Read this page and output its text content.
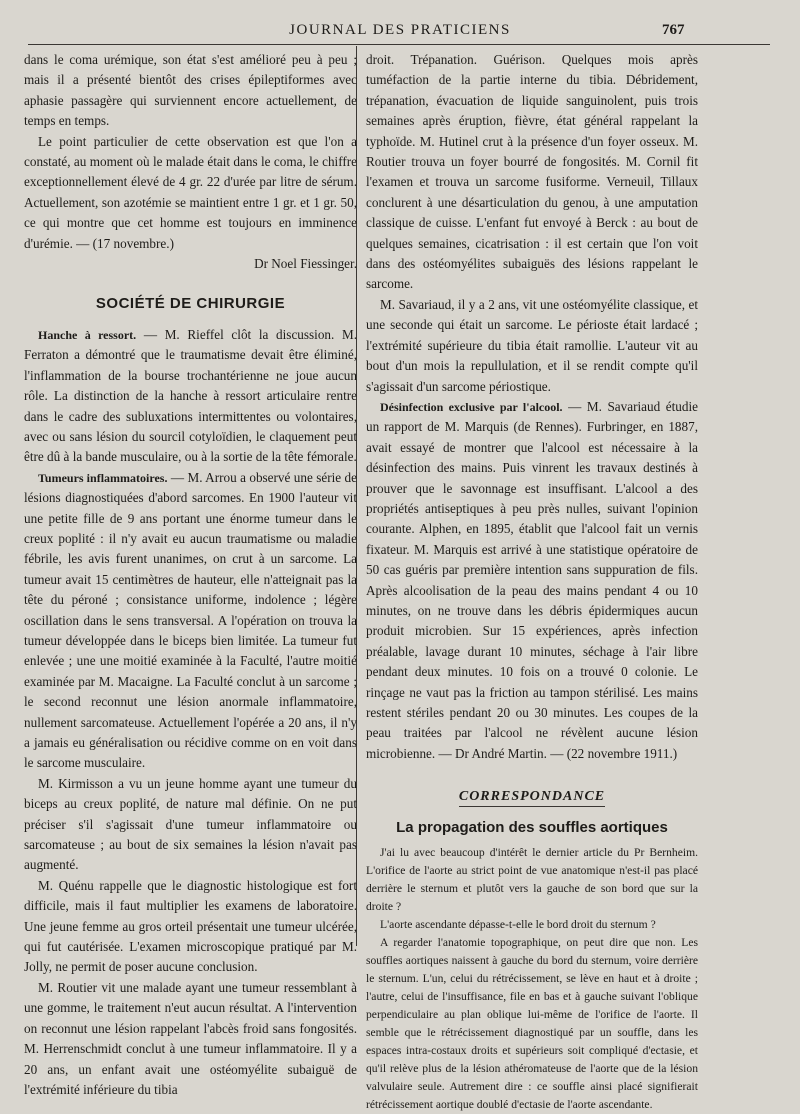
JOURNAL DES PRATICIENS	767

dans le coma urémique, son état s'est amélioré peu à peu ; mais il a présenté bientôt des crises épileptiformes avec aphasie passagère qui surviennent encore actuellement, de temps en temps.

Le point particulier de cette observation est que l'on a constaté, au moment où le malade était dans le coma, le chiffre exceptionnellement élevé de 4 gr. 22 d'urée par litre de sérum. Actuellement, son azotémie se maintient entre 1 gr. et 1 gr. 50, ce qui montre que cet homme est toujours en imminence d'urémie. — (17 novembre.)

Dr Noel Fiessinger.

SOCIÉTÉ DE CHIRURGIE

Hanche à ressort. — M. Rieffel clôt la discussion. M. Ferraton a démontré que le traumatisme devait être éliminé, l'inflammation de la bourse trochantérienne ne joue aucun rôle. La distinction de la hanche à ressort articulaire rentre dans le cadre des subluxations intermittentes ou volontaires, avec ou sans lésion du sourcil cotyloïdien, le claquement peut être dû à la bande musculaire, ou à la sortie de la tête fémorale.

Tumeurs inflammatoires. — M. Arrou a observé une série de lésions diagnostiquées d'abord sarcomes. En 1900 l'auteur vit une petite fille de 9 ans portant une énorme tumeur dans le creux poplité : il n'y avait eu aucun traumatisme ou maladie fébrile, les avis furent unanimes, on crut à un sarcome. La tumeur avait 15 centimètres de hauteur, elle n'atteignait pas la tête du péroné ; consistance uniforme, indolence ; légère oscillation dans le sens transversal. A l'opération on trouva la tumeur développée dans le biceps bien limitée. La tumeur fut enlevée ; une une moitié examinée à la Faculté, l'autre moitié examinée par M. Macaigne. La Faculté conclut à un sarcome ; le second reconnut une lésion anormale inflammatoire, nullement sarcomateuse. Actuellement l'opérée a 20 ans, il n'y a jamais eu généralisation ou récidive comme on en voit dans le sarcome musculaire.

M. Kirmisson a vu un jeune homme ayant une tumeur du biceps au creux poplité, de nature mal définie. On ne put préciser s'il s'agissait d'une tumeur inflammatoire ou sarcomateuse ; au bout de six semaines la lésion n'avait pas augmenté.

M. Quénu rappelle que le diagnostic histologique est fort difficile, mais il faut multiplier les examens de laboratoire. Une jeune femme au gros orteil présentait une tumeur ulcérée, qui fut cautérisée. L'examen microscopique pratiqué par M. Jolly, ne permit de poser aucune conclusion.

M. Routier vit une malade ayant une tumeur ressemblant à une gomme, le traitement n'eut aucun résultat. A l'intervention on reconnut une lésion rappelant l'abcès froid sans fongosités. M. Herrenschmidt conclut à une tumeur inflammatoire. Il y a 20 ans, un enfant avait une ostéomyélite subaiguë de l'extrémité inférieure du tibia

droit. Trépanation. Guérison. Quelques mois après tuméfaction de la partie interne du tibia. Débridement, trépanation, évacuation de liquide sanguinolent, puis trois semaines après éruption, fièvre, état général rappelant la typhoïde. M. Hutinel crut à la présence d'un foyer osseux. M. Routier trouva un foyer bourré de fongosités. M. Cornil fit l'examen et trouva un sarcome fusiforme. Verneuil, Tillaux conclurent à une désarticulation du genou, à une amputation classique de cuisse. L'enfant fut envoyé à Berck : au bout de quelques semaines, cicatrisation : il est certain que l'on voit dans des ostéomyélites subaiguës des lésions rappelant le sarcome.

M. Savariaud, il y a 2 ans, vit une ostéomyélite classique, et une seconde qui était un sarcome. Le périoste était lardacé ; l'extrémité supérieure du tibia était ramollie. L'auteur vit au bout d'un mois la repullulation, et il se rendit compte qu'il s'agissait d'un sarcome périostique.

Désinfection exclusive par l'alcool. — M. Savariaud étudie un rapport de M. Marquis (de Rennes). Furbringer, en 1887, avait essayé de montrer que l'alcool est nécessaire à la désinfection des mains. Puis vinrent les travaux destinés à prouver que le savonnage est insuffisant. L'alcool a des propriétés antiseptiques à peu près nulles, suivant l'opinion courante. Alphen, en 1895, établit que l'alcool fait un vernis fixateur. M. Marquis est arrivé à une statistique opératoire de 50 cas guéris par première intention sans suppuration de fils. Après alcoolisation de la peau des mains pendant 4 ou 10 minutes, on ne trouve dans les débris épidermiques aucun produit microbien. Sur 15 expériences, après infection préalable, lavage durant 10 minutes, séchage à l'air libre pendant deux minutes. 10 fois on a trouvé 0 colonie. Le rinçage ne vaut pas la friction au tampon stérilisé. Les mains restent stériles pendant 20 ou 30 minutes. Les coupes de la peau traitées par l'alcool ne révèlent aucune lésion microbienne. — Dr André Martin. — (22 novembre 1911.)

CORRESPONDANCE
La propagation des souffles aortiques

J'ai lu avec beaucoup d'intérêt le dernier article du Pr Bernheim. L'orifice de l'aorte au strict point de vue anatomique n'est-il pas placé derrière le sternum et plutôt vers la gauche de son bord que sur la droite ?

L'aorte ascendante dépasse-t-elle le bord droit du sternum ?

A regarder l'anatomie topographique, on peut dire que non. Les souffles aortiques naissent à gauche du bord du sternum, voire derrière le sternum. L'un, celui du rétrécissement, se lève en haut et à droite ; l'autre, celui de l'insuffisance, file en bas et à gauche suivant l'oblique perpendiculaire au plan oblique lui-même de l'orifice de l'aorte. Il semble que le rétrécissement diagnostiqué par un souffle, dans les espaces intra-costaux droits et supérieurs soit compliqué d'ectasie, et qu'il relève plus de la lésion athéromateuse de l'aorte que de la lésion valvulaire seule. Autrement dire : ce souffle ainsi placé signifierait rétrécissement aortique doublé d'ectasie de l'aorte ascendante.
